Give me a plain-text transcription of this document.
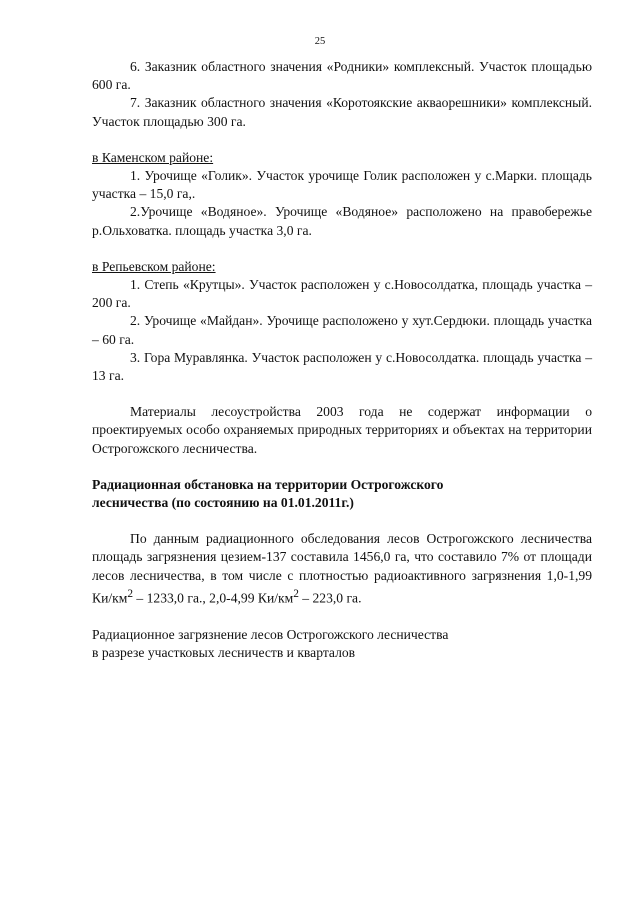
25

6. Заказник областного значения «Родники» комплексный. Участок площадью 600 га.

7. Заказник областного значения «Коротоякские акваорешники» комплексный. Участок площадью 300 га.

в Каменском районе:

1. Урочище «Голик». Участок урочище Голик расположен у с.Марки. площадь участка – 15,0 га,.

2.Урочище «Водяное». Урочище «Водяное» расположено на правобережье р.Ольховатка. площадь участка 3,0 га.

в Репьевском районе:

1. Степь «Крутцы». Участок расположен у с.Новосолдатка, площадь участка – 200 га.

2. Урочище «Майдан». Урочище расположено у хут.Сердюки. площадь участка – 60 га.

3. Гора Муравлянка. Участок расположен у с.Новосолдатка. площадь участка – 13 га.

Материалы лесоустройства 2003 года не содержат информации о проектируемых особо охраняемых природных территориях и объектах на территории Острогожского лесничества.

Радиационная обстановка на территории Острогожского
лесничества (по состоянию на 01.01.2011г.)

По данным радиационного обследования лесов Острогожского лесничества площадь загрязнения цезием-137 составила 1456,0 га, что составило 7% от площади лесов лесничества, в том числе с плотностью радиоактивного загрязнения 1,0-1,99 $Ки/км^2 - 1233,0$ га., 2,0-4,99 $Ки/км^2 - 223,0$ га.

Радиационное загрязнение лесов Острогожского лесничества
в разрезе участковых лесничеств и кварталов
